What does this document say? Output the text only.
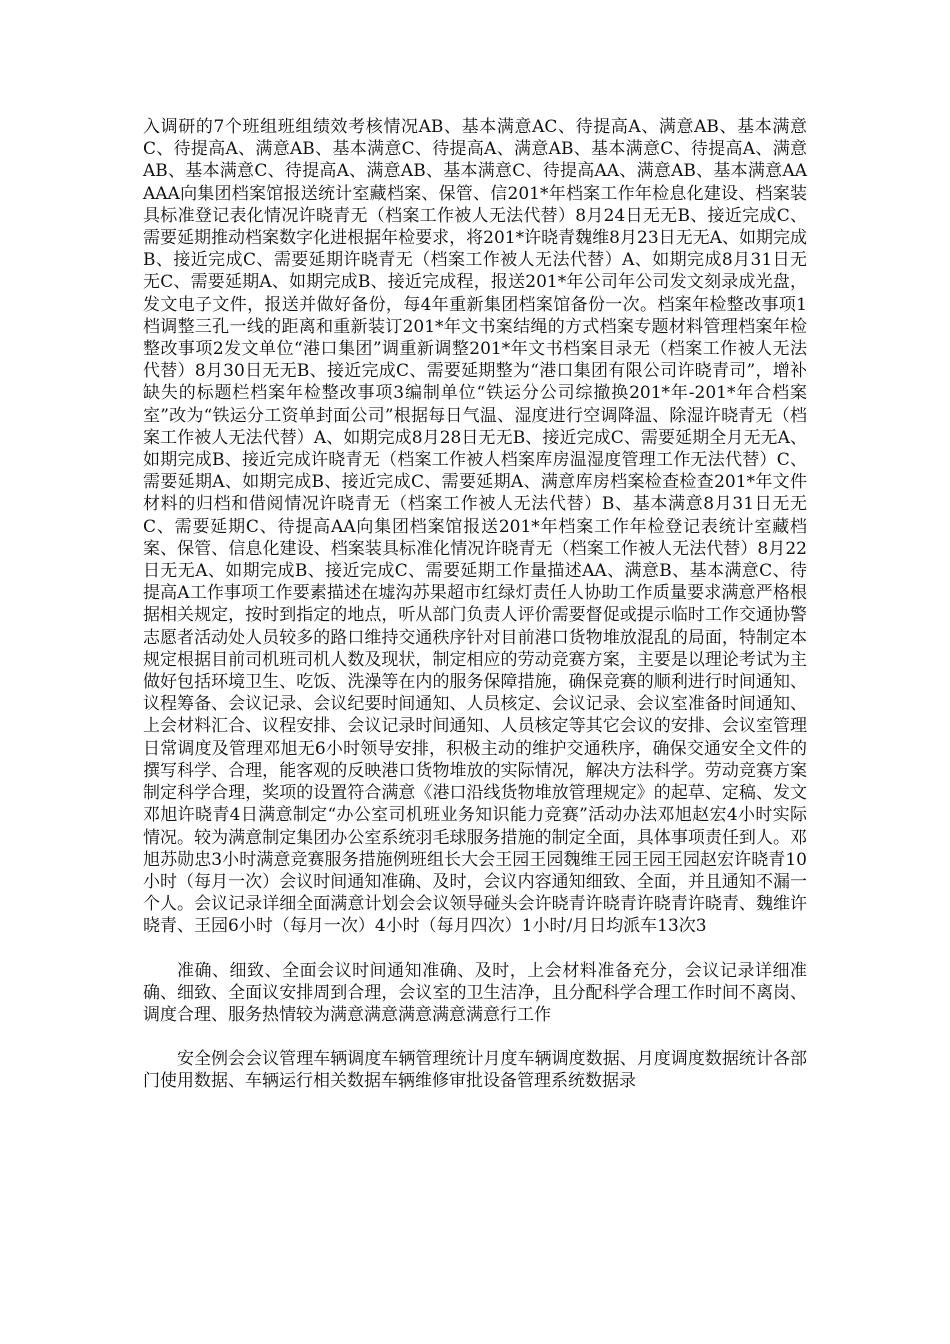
入调研的7个班组班组绩效考核情况AB、基本满意AC、待提高A、满意AB、基本满意C、待提高A、满意AB、基本满意C、待提高A、满意AB、基本满意C、待提高A、满意AB、基本满意C、待提高A、满意AB、基本满意C、待提高AA、满意AB、基本满意AAAAA向集团档案馆报送统计室藏档案、保管、信201*年档案工作年检息化建设、档案装具标准登记表化情况许晓青无（档案工作被人无法代替）8月24日无无B、接近完成C、需要延期推动档案数字化进根据年检要求，将201*许晓青魏维8月23日无无A、如期完成B、接近完成C、需要延期许晓青无（档案工作被人无法代替）A、如期完成8月31日无无C、需要延期A、如期完成B、接近完成程，报送201*年公司年公司发文刻录成光盘，发文电子文件，报送并做好备份，每4年重新集团档案馆备份一次。档案年检整改事项1档调整三孔一线的距离和重新装订201*年文书案结绳的方式档案专题材料管理档案年检整改事项2发文单位“港口集团”调重新调整201*年文书档案目录无（档案工作被人无法代替）8月30日无无B、接近完成C、需要延期整为“港口集团有限公司许晓青司”，增补缺失的标题栏档案年检整改事项3编制单位“铁运分公司综撤换201*年-201*年合档案室”改为“铁运分工资单封面公司”根据每日气温、湿度进行空调降温、除湿许晓青无（档案工作被人无法代替）A、如期完成8月28日无无B、接近完成C、需要延期全月无无A、如期完成B、接近完成许晓青无（档案工作被人档案库房温湿度管理工作无法代替）C、需要延期A、如期完成B、接近完成C、需要延期A、满意库房档案检查检查201*年文件材料的归档和借阅情况许晓青无（档案工作被人无法代替）B、基本满意8月31日无无C、需要延期C、待提高AA向集团档案馆报送201*年档案工作年检登记表统计室藏档案、保管、信息化建设、档案装具标准化情况许晓青无（档案工作被人无法代替）8月22日无无A、如期完成B、接近完成C、需要延期工作量描述AA、满意B、基本满意C、待提高A工作事项工作要素描述在墟沟苏果超市红绿灯责任人协助工作质量要求满意严格根据相关规定，按时到指定的地点，听从部门负责人评价需要督促或提示临时工作交通协警志愿者活动处人员较多的路口维持交通秩序针对目前港口货物堆放混乱的局面，特制定本规定根据目前司机班司机人数及现状，制定相应的劳动竞赛方案，主要是以理论考试为主做好包括环境卫生、吃饭、洗澡等在内的服务保障措施，确保竞赛的顺利进行时间通知、议程筹备、会议记录、会议纪要时间通知、人员核定、会议记录、会议室准备时间通知、上会材料汇合、议程安排、会议记录时间通知、人员核定等其它会议的安排、会议室管理日常调度及管理邓旭无6小时领导安排，积极主动的维护交通秩序，确保交通安全文件的撰写科学、合理，能客观的反映港口货物堆放的实际情况，解决方法科学。劳动竞赛方案制定科学合理，奖项的设置符合满意《港口沿线货物堆放管理规定》的起草、定稿、发文邓旭许晓青4日满意制定“办公室司机班业务知识能力竞赛”活动办法邓旭赵宏4小时实际情况。较为满意制定集团办公室系统羽毛球服务措施的制定全面，具体事项责任到人。邓旭苏勋忠3小时满意竞赛服务措施例班组长大会王园王园魏维王园王园王园赵宏许晓青10小时（每月一次）会议时间通知准确、及时，会议内容通知细致、全面，并且通知不漏一个人。会议记录详细全面满意计划会会议领导碰头会许晓青许晓青许晓青许晓青、魏维许晓青、王园6小时（每月一次）4小时（每月四次）1小时/月日均派车13次3

准确、细致、全面会议时间通知准确、及时，上会材料准备充分，会议记录详细准确、细致、全面议安排周到合理，会议室的卫生洁净，且分配科学合理工作时间不离岗、调度合理、服务热情较为满意满意满意满意满意行工作

安全例会会议管理车辆调度车辆管理统计月度车辆调度数据、月度调度数据统计各部门使用数据、车辆运行相关数据车辆维修审批设备管理系统数据录
